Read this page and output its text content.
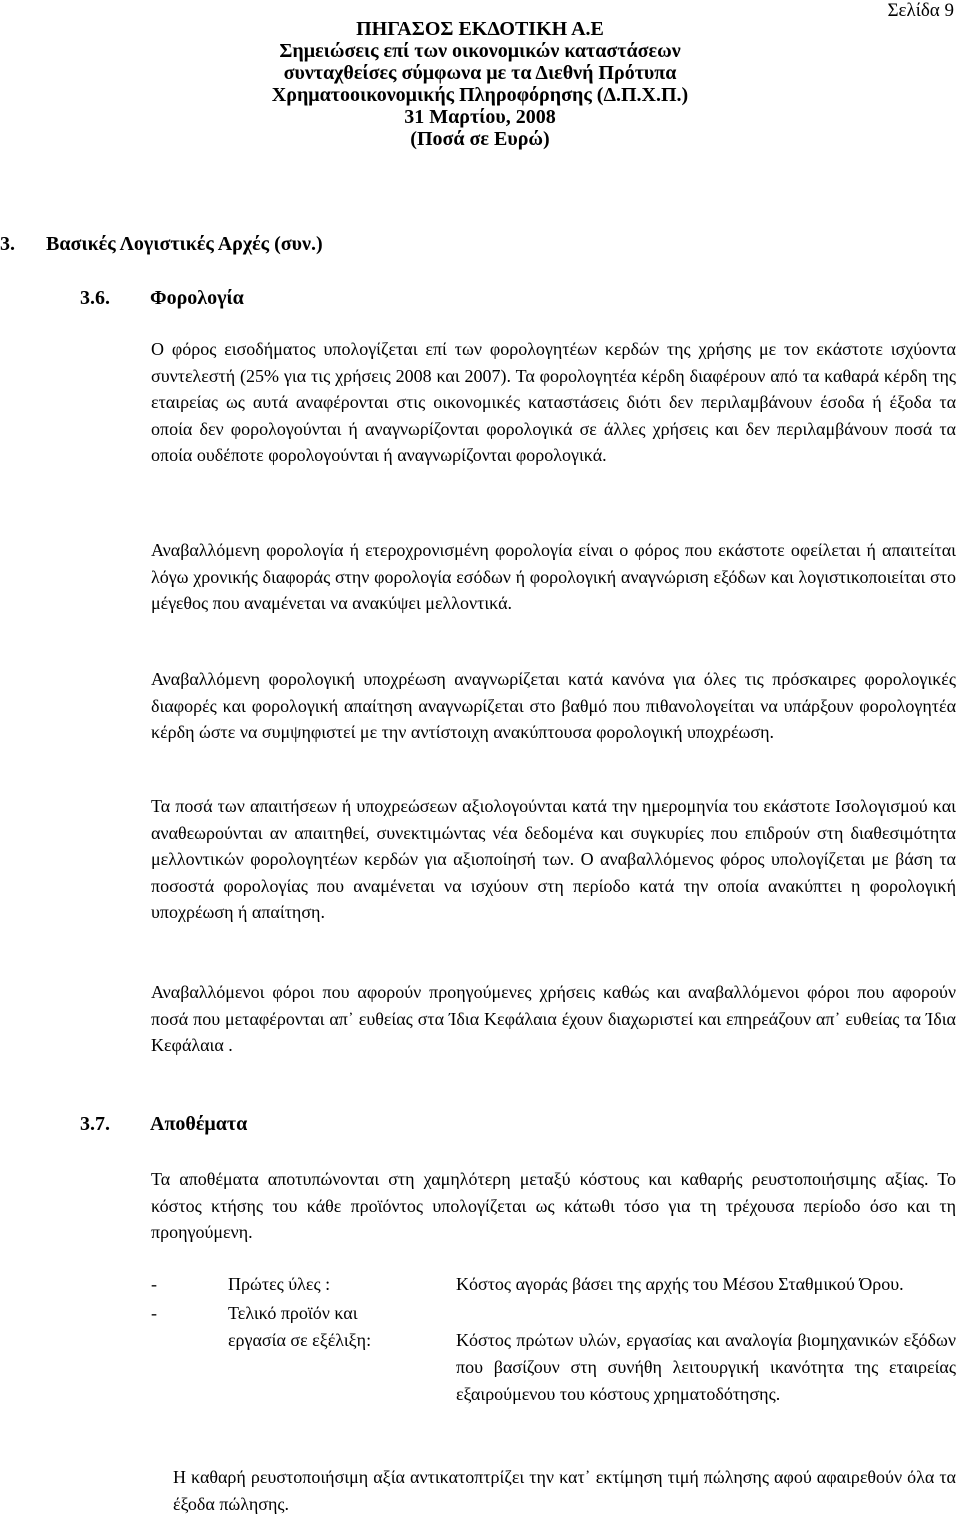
Σελίδα 9
ΠΗΓΑΣΟΣ ΕΚΔΟΤΙΚΗ Α.Ε
Σημειώσεις επί των οικονομικών καταστάσεων
συνταχθείσες σύμφωνα με τα Διεθνή Πρότυπα
Χρηματοοικονομικής Πληροφόρησης (Δ.Π.Χ.Π.)
31 Μαρτίου, 2008
(Ποσά σε Ευρώ)
3. Βασικές Λογιστικές Αρχές (συν.)
3.6. Φορολογία

Ο φόρος εισοδήματος υπολογίζεται επί των φορολογητέων κερδών της χρήσης με τον εκάστοτε ισχύοντα συντελεστή (25% για τις χρήσεις 2008 και 2007). Τα φορολογητέα κέρδη διαφέρουν από τα καθαρά κέρδη της εταιρείας ως αυτά αναφέρονται στις οικονομικές καταστάσεις διότι δεν περιλαμβάνουν έσοδα ή έξοδα τα οποία δεν φορολογούνται ή αναγνωρίζονται φορολογικά σε άλλες χρήσεις και δεν περιλαμβάνουν ποσά τα οποία ουδέποτε φορολογούνται ή αναγνωρίζονται φορολογικά.

Αναβαλλόμενη φορολογία ή ετεροχρονισμένη φορολογία είναι ο φόρος που εκάστοτε οφείλεται ή απαιτείται λόγω χρονικής διαφοράς στην φορολογία εσόδων ή φορολογική αναγνώριση εξόδων και λογιστικοποιείται στο μέγεθος που αναμένεται να ανακύψει μελλοντικά.

Αναβαλλόμενη φορολογική υποχρέωση αναγνωρίζεται κατά κανόνα για όλες τις πρόσκαιρες φορολογικές διαφορές και φορολογική απαίτηση αναγνωρίζεται στο βαθμό που πιθανολογείται να υπάρξουν φορολογητέα κέρδη ώστε να συμψηφιστεί με την αντίστοιχη ανακύπτουσα φορολογική υποχρέωση.

Τα ποσά των απαιτήσεων ή υποχρεώσεων αξιολογούνται κατά την ημερομηνία του εκάστοτε Ισολογισμού και αναθεωρούνται αν απαιτηθεί, συνεκτιμώντας νέα δεδομένα και συγκυρίες που επιδρούν στη διαθεσιμότητα μελλοντικών φορολογητέων κερδών για αξιοποίησή των. Ο αναβαλλόμενος φόρος υπολογίζεται με βάση τα ποσοστά φορολογίας που αναμένεται να ισχύουν στη περίοδο κατά την οποία ανακύπτει η φορολογική υποχρέωση ή απαίτηση.

Αναβαλλόμενοι φόροι που αφορούν προηγούμενες χρήσεις καθώς και αναβαλλόμενοι φόροι που αφορούν ποσά που μεταφέρονται απ᾽ ευθείας στα Ίδια Κεφάλαια έχουν διαχωριστεί και επηρεάζουν απ᾽ ευθείας τα Ίδια Κεφάλαια .

3.7. Αποθέματα

Τα αποθέματα αποτυπώνονται στη χαμηλότερη μεταξύ κόστους και καθαρής ρευστοποιήσιμης αξίας. Το κόστος κτήσης του κάθε προϊόντος υπολογίζεται ως κάτωθι τόσο για τη τρέχουσα περίοδο όσο και τη προηγούμενη.

-	Πρώτες ύλες :	Κόστος αγοράς βάσει της αρχής του Μέσου Σταθμικού Όρου.
-	Τελικό προϊόν και
εργασία σε εξέλιξη:	Κόστος πρώτων υλών, εργασίας και αναλογία βιομηχανικών εξόδων που βασίζουν στη συνήθη λειτουργική ικανότητα της εταιρείας εξαιρούμενου του κόστους χρηματοδότησης.

Η καθαρή ρευστοποιήσιμη αξία αντικατοπτρίζει την κατ᾽ εκτίμηση τιμή πώλησης αφού αφαιρεθούν όλα τα έξοδα πώλησης.
